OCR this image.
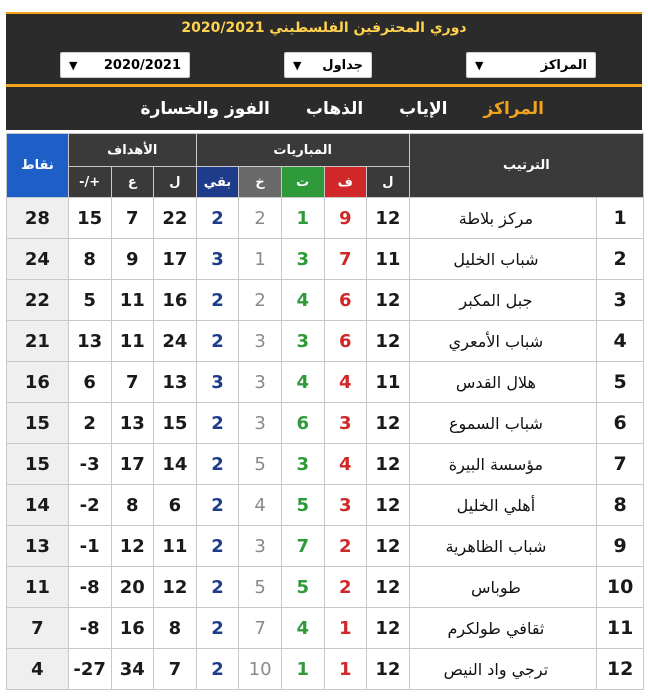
دوري المحترفين الفلسطيني 2020/2021
▼ 2020/2021	▼ جداول	▼	المراكز
المراكز
الإياب
الذهاب
الفوز والخسارة
الترتيب		المباريات					الأهداف			نقاط
		ل	ف	ت	خ	بقي	ل	ع	+/-	
1	مركز بلاطة	12	9	1	2	2	22	7	15	28
2	شباب الخليل	11	7	3	1	3	17	9	8	24
3	جبل المكبر	12	6	4	2	2	16	11	5	22
4	شباب الأمعري	12	6	3	3	2	24	11	13	21
5	هلال القدس	11	4	4	3	3	13	7	6	16
6	شباب السموع	12	3	6	3	2	15	13	2	15
7	مؤسسة البيرة	12	4	3	5	2	14	17	3-	15
8	أهلي الخليل	12	3	5	4	2	6	8	2-	14
9	شباب الظاهرية	12	2	7	3	2	11	12	1-	13
10	طوباس	12	2	5	5	2	12	20	8-	11
11	ثقافي طولكرم	12	1	4	7	2	8	16	8-	7
12	ترجي واد النيص	12	1	1	10	2	7	34	27-	4
